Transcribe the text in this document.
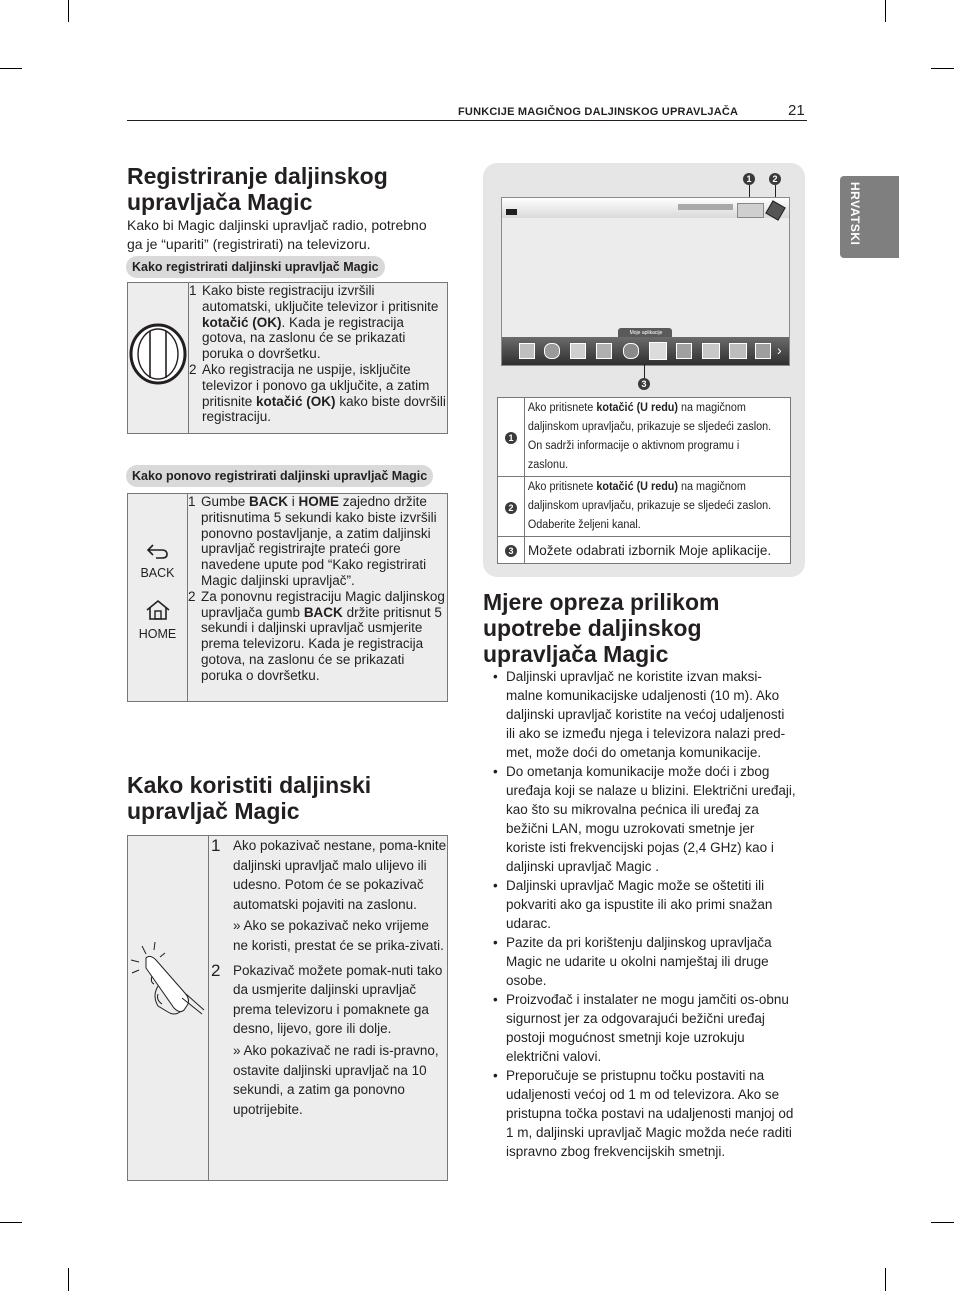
FUNKCIJE MAGIČNOG DALJINSKOG UPRAVLJAČA	21
HRVATSKI
Registriranje daljinskog
upravljača Magic
Kako bi Magic daljinski upravljač radio, potrebno
ga je “upariti” (registrirati) na televizoru.
Kako registrirati daljinski upravljač Magic

1 Kako biste registraciju izvršili automatski, uključite televizor i pritisnite kotačić (OK). Kada je registracija gotova, na zaslonu će se prikazati poruka o dovršetku.
2 Ako registracija ne uspije, isključite televizor i ponovo ga uključite, a zatim pritisnite kotačić (OK) kako biste dovršili registraciju.
Kako ponovo registrirati daljinski upravljač Magic
BACK
HOME

1 Gumbe BACK i HOME zajedno držite pritisnutima 5 sekundi kako biste izvršili ponovno postavljanje, a zatim daljinski upravljač registrirajte prateći gore navedene upute pod “Kako registrirati Magic daljinski upravljač”.
2 Za ponovnu registraciju Magic daljinskog upravljača gumb BACK držite pritisnut 5 sekundi i daljinski upravljač usmjerite prema televizoru. Kada je registracija gotova, na zaslonu će se prikazati poruka o dovršetku.
Kako koristiti daljinski
upravljač Magic

1 Ako pokazivač nestane, poma-knite daljinski upravljač malo ulijevo ili udesno. Potom će se pokazivač automatski pojaviti na zaslonu.
» Ako se pokazivač neko vrijeme ne koristi, prestat će se prika-zivati.
2 Pokazivač možete pomak-nuti tako da usmjerite daljinski upravljač prema televizoru i pomaknete ga desno, lijevo, gore ili dolje.
» Ako pokazivač ne radi is-pravno, ostavite daljinski upravljač na 10 sekundi, a zatim ga ponovno upotrijebite.
1	2
Moje aplikacije
›
3
1	Ako pritisnete kotačić (U redu) na magičnom daljinskom upravljaču, prikazuje se sljedeći zaslon. On sadrži informacije o aktivnom programu i zaslonu.

2	Ako pritisnete kotačić (U redu) na magičnom daljinskom upravljaču, prikazuje se sljedeći zaslon. Odaberite željeni kanal.

3	Možete odabrati izbornik Moje aplikacije.
Mjere opreza prilikom
upotrebe daljinskog
upravljača Magic
• Daljinski upravljač ne koristite izvan maksi-malne komunikacijske udaljenosti (10 m). Ako daljinski upravljač koristite na većoj udaljenosti ili ako se između njega i televizora nalazi pred-met, može doći do ometanja komunikacije.
• Do ometanja komunikacije može doći i zbog uređaja koji se nalaze u blizini. Električni uređaji, kao što su mikrovalna pećnica ili uređaj za bežični LAN, mogu uzrokovati smetnje jer koriste isti frekvencijski pojas (2,4 GHz) kao i daljinski upravljač Magic .
• Daljinski upravljač Magic može se oštetiti ili pokvariti ako ga ispustite ili ako primi snažan udarac.
• Pazite da pri korištenju daljinskog upravljača Magic ne udarite u okolni namještaj ili druge osobe.
• Proizvođač i instalater ne mogu jamčiti os-obnu sigurnost jer za odgovarajući bežični uređaj postoji mogućnost smetnji koje uzrokuju električni valovi.
• Preporučuje se pristupnu točku postaviti na udaljenosti većoj od 1 m od televizora. Ako se pristupna točka postavi na udaljenosti manjoj od 1 m, daljinski upravljač Magic možda neće raditi ispravno zbog frekvencijskih smetnji.
